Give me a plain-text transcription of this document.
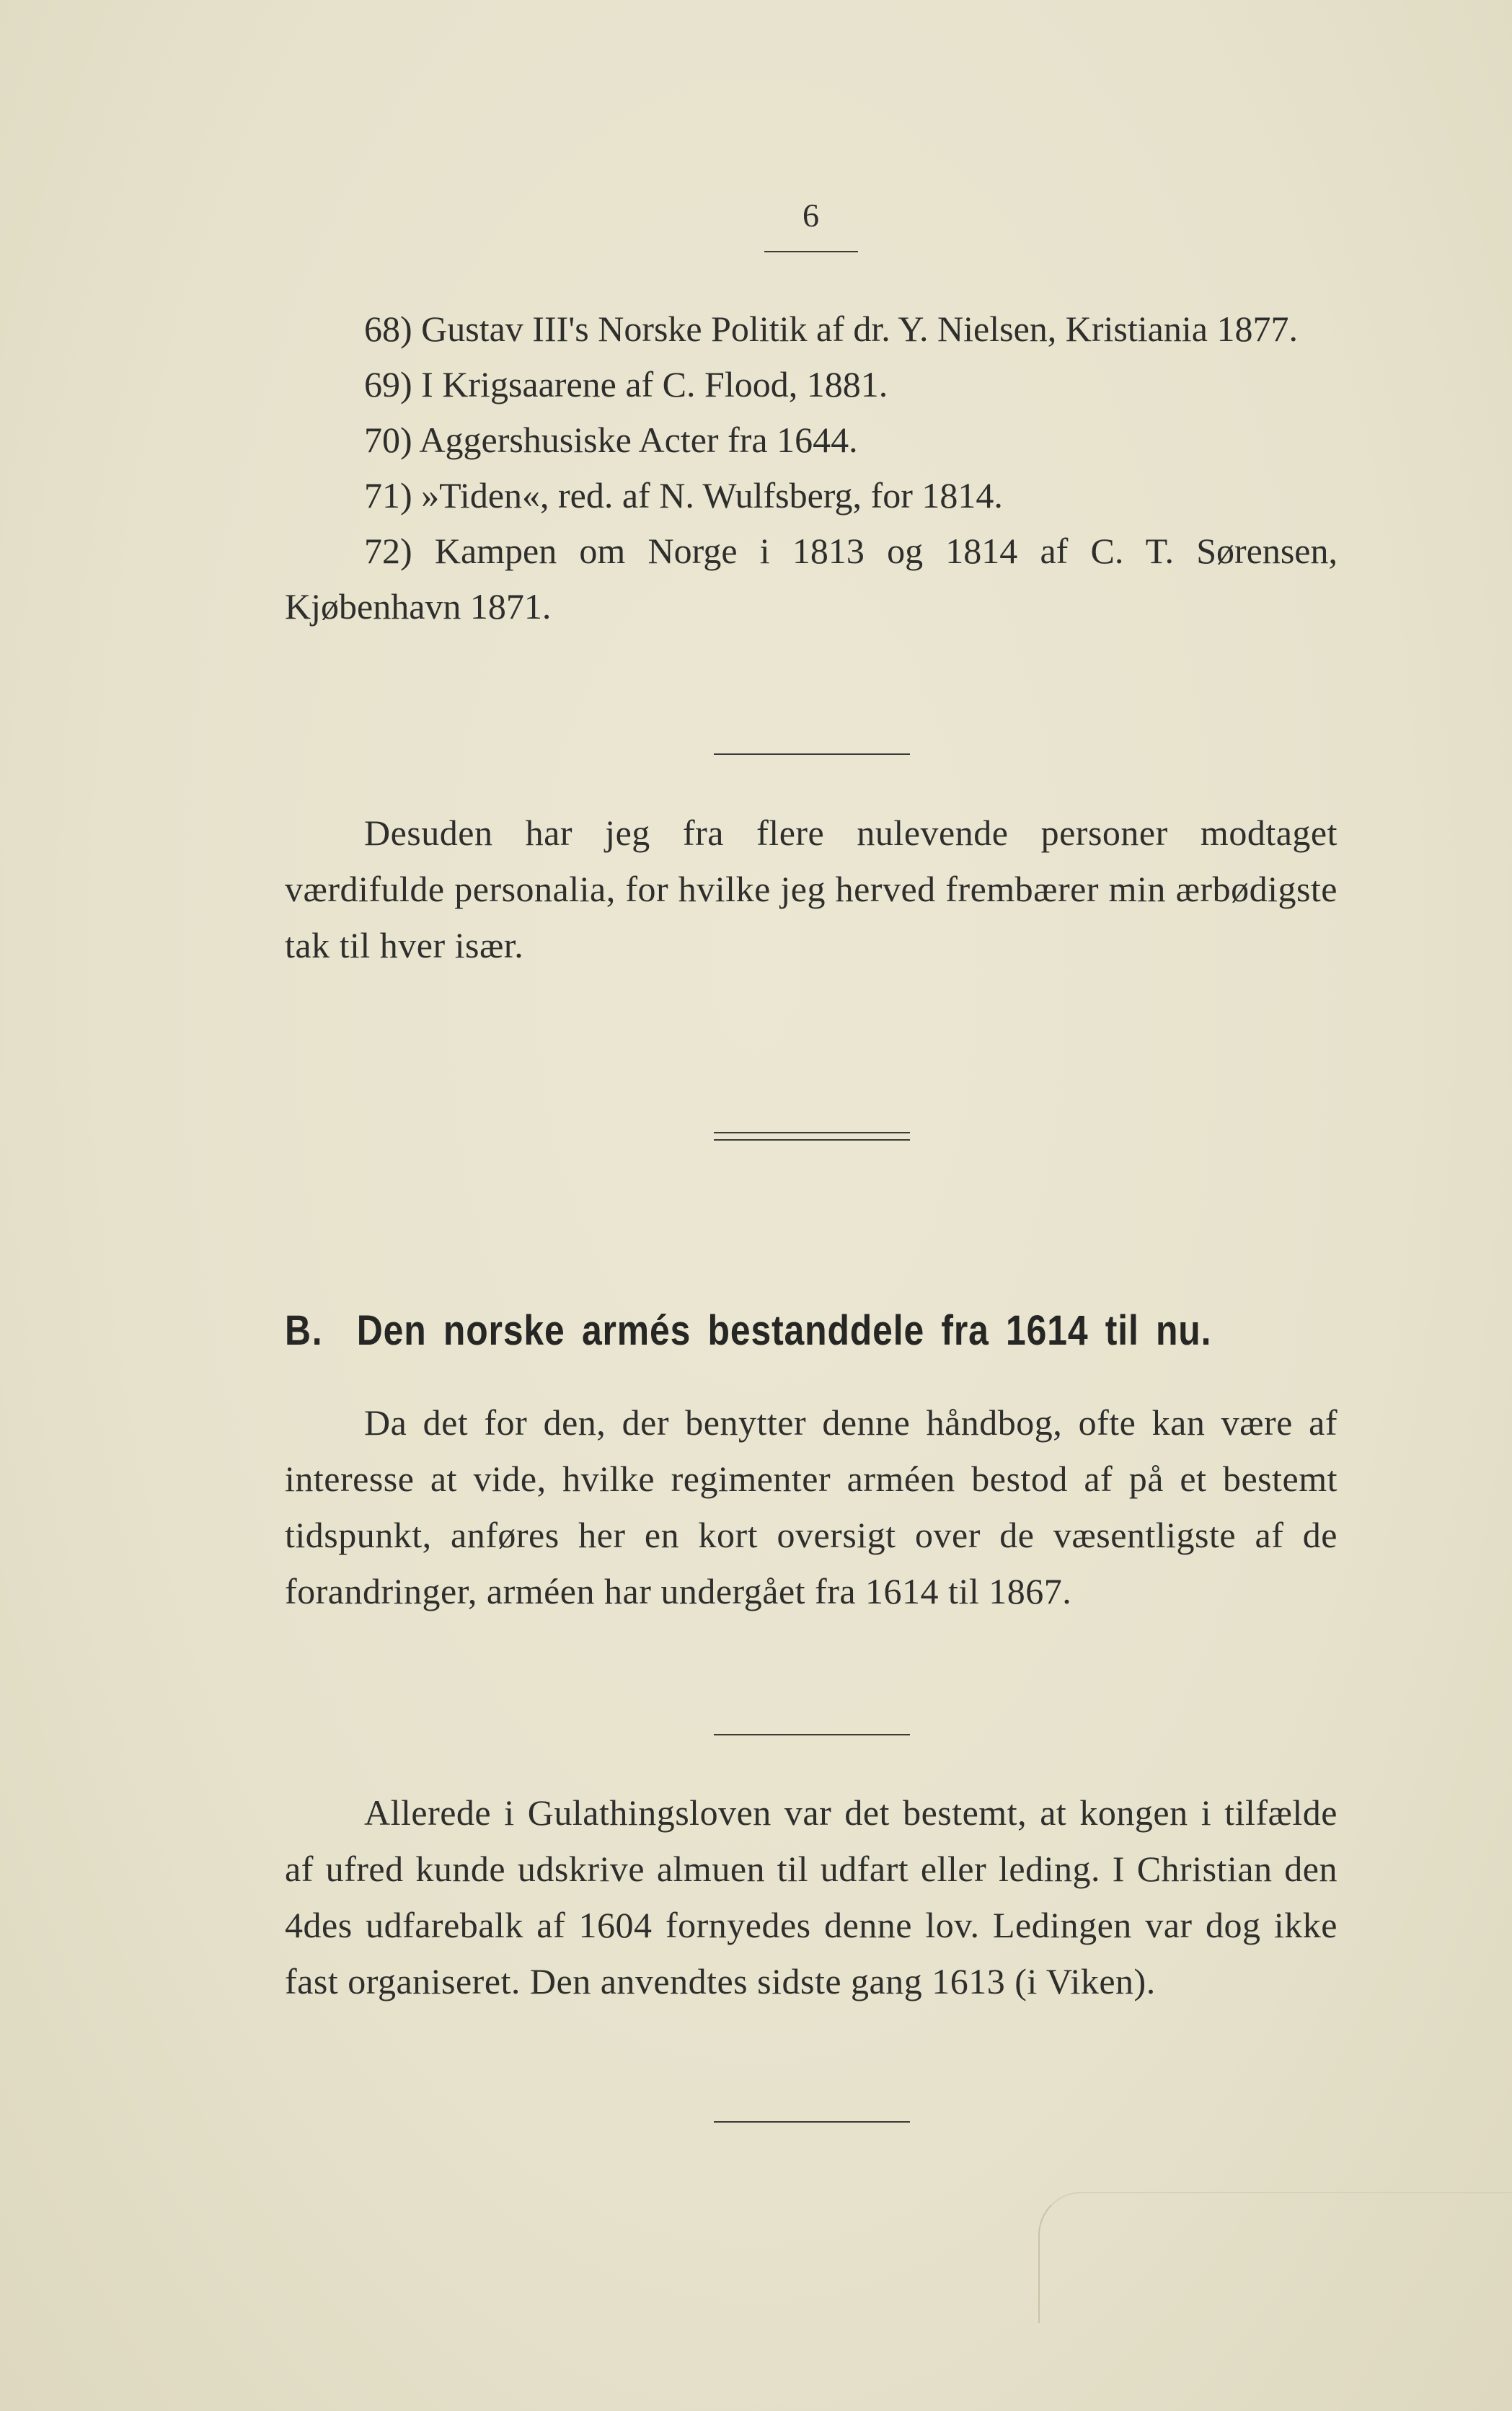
6

68) Gustav III's Norske Politik af dr. Y. Nielsen, Kristiania 1877.

69) I Krigsaarene af C. Flood, 1881.

70) Aggershusiske Acter fra 1644.

71) »Tiden«, red. af N. Wulfsberg, for 1814.

72) Kampen om Norge i 1813 og 1814 af C. T. Sørensen, Kjøbenhavn 1871.

Desuden har jeg fra flere nulevende personer modtaget værdifulde personalia, for hvilke jeg herved frembærer min ærbødigste tak til hver især.

B. Den norske armés bestanddele fra 1614 til nu.

Da det for den, der benytter denne håndbog, ofte kan være af interesse at vide, hvilke regimenter arméen bestod af på et bestemt tidspunkt, anføres her en kort oversigt over de væsentligste af de forandringer, arméen har undergået fra 1614 til 1867.

Allerede i Gulathingsloven var det bestemt, at kongen i tilfælde af ufred kunde udskrive almuen til udfart eller leding. I Christian den 4des udfarebalk af 1604 fornyedes denne lov. Ledingen var dog ikke fast organiseret. Den anvendtes sidste gang 1613 (i Viken).
